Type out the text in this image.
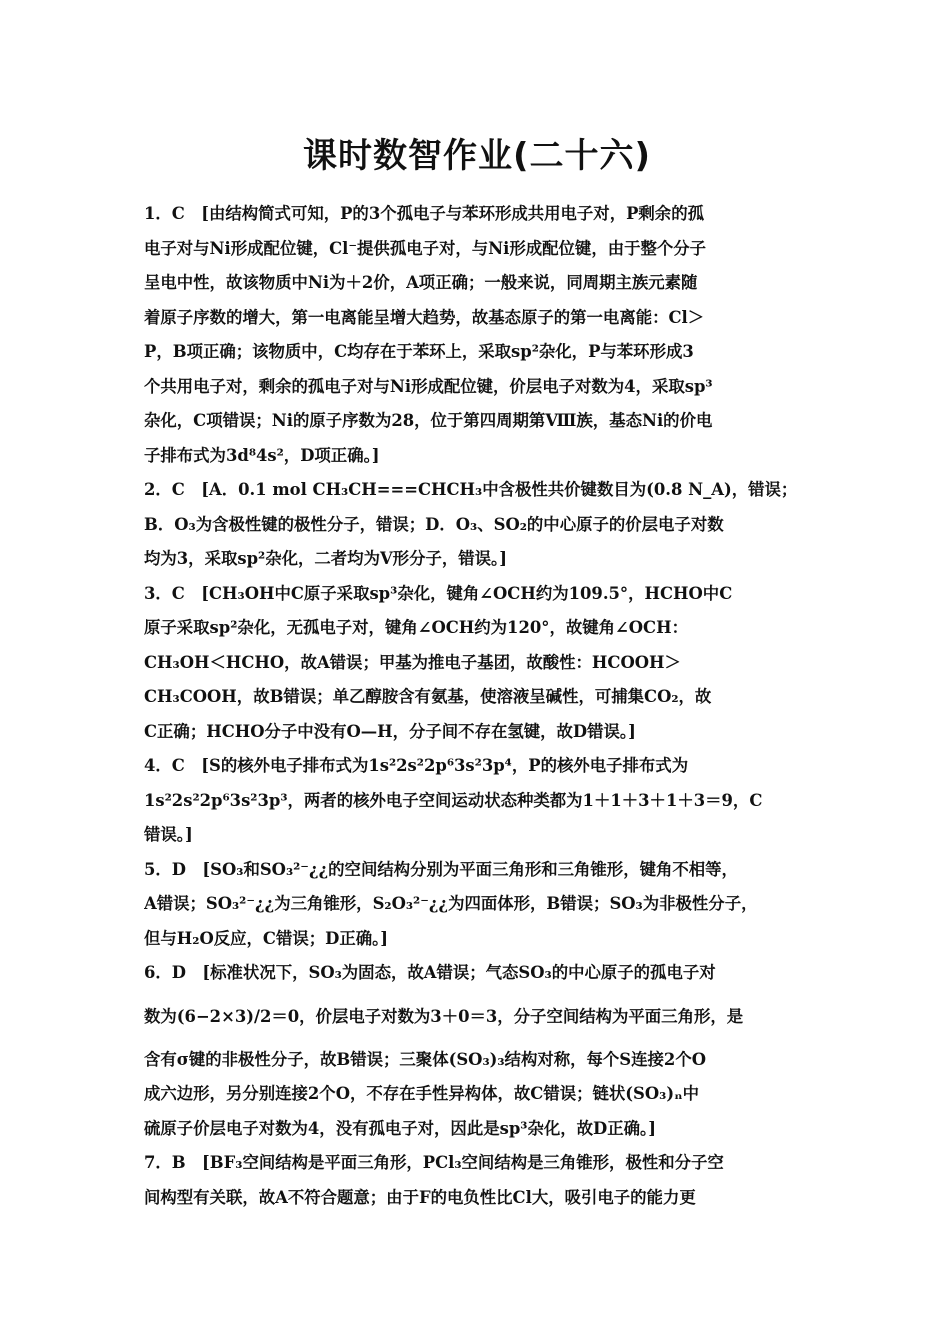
课时数智作业(二十六)
1．C　[由结构简式可知，P的3个孤电子与苯环形成共用电子对，P剩余的孤
电子对与Ni形成配位键，Cl⁻提供孤电子对，与Ni形成配位键，由于整个分子
呈电中性，故该物质中Ni为＋2价，A项正确；一般来说，同周期主族元素随
着原子序数的增大，第一电离能呈增大趋势，故基态原子的第一电离能：Cl＞
P，B项正确；该物质中，C均存在于苯环上，采取sp²杂化，P与苯环形成3
个共用电子对，剩余的孤电子对与Ni形成配位键，价层电子对数为4，采取sp³
杂化，C项错误；Ni的原子序数为28，位于第四周期第Ⅷ族，基态Ni的价电
子排布式为3d⁸4s²，D项正确。]
2．C　[A．0.1 mol CH₃CH===CHCH₃中含极性共价键数目为(0.8 N_A)，错误；
B．O₃为含极性键的极性分子，错误；D．O₃、SO₂的中心原子的价层电子对数
均为3，采取sp²杂化，二者均为V形分子，错误。]
3．C　[CH₃OH中C原子采取sp³杂化，键角∠OCH约为109.5°，HCHO中C
原子采取sp²杂化，无孤电子对，键角∠OCH约为120°，故键角∠OCH：
CH₃OH＜HCHO，故A错误；甲基为推电子基团，故酸性：HCOOH＞
CH₃COOH，故B错误；单乙醇胺含有氨基，使溶液呈碱性，可捕集CO₂，故
C正确；HCHO分子中没有O—H，分子间不存在氢键，故D错误。]
4．C　[S的核外电子排布式为1s²2s²2p⁶3s²3p⁴，P的核外电子排布式为
1s²2s²2p⁶3s²3p³，两者的核外电子空间运动状态种类都为1＋1＋3＋1＋3＝9，C
错误。]
5．D　[SO₃和SO₃²⁻¿¿的空间结构分别为平面三角形和三角锥形，键角不相等，
A错误；SO₃²⁻¿¿为三角锥形，S₂O₃²⁻¿¿为四面体形，B错误；SO₃为非极性分子，
但与H₂O反应，C错误；D正确。]
6．D　[标准状况下，SO₃为固态，故A错误；气态SO₃的中心原子的孤电子对
数为(6−2×3)/2＝0，价层电子对数为3＋0＝3，分子空间结构为平面三角形，是
含有σ键的非极性分子，故B错误；三聚体(SO₃)₃结构对称，每个S连接2个O
成六边形，另分别连接2个O，不存在手性异构体，故C错误；链状(SO₃)ₙ中
硫原子价层电子对数为4，没有孤电子对，因此是sp³杂化，故D正确。]
7．B　[BF₃空间结构是平面三角形，PCl₃空间结构是三角锥形，极性和分子空
间构型有关联，故A不符合题意；由于F的电负性比Cl大，吸引电子的能力更
